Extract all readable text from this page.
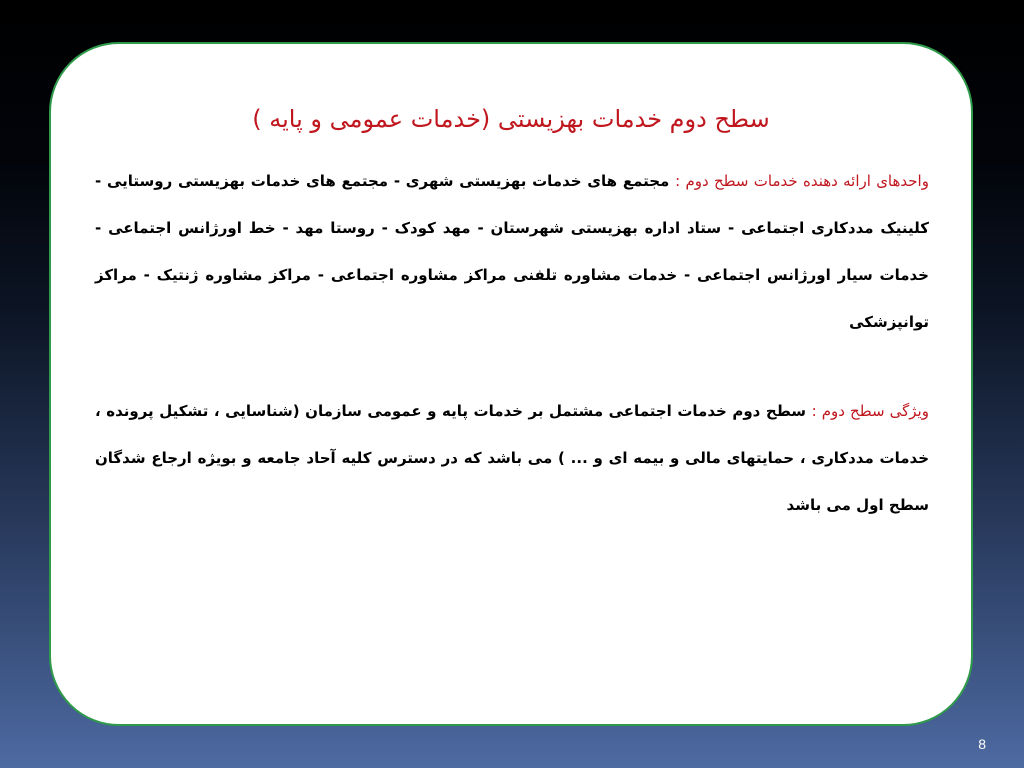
سطح دوم خدمات بهزیستی (خدمات عمومی و پایه )
واحدهای ارائه دهنده خدمات سطح دوم : مجتمع های خدمات بهزیستی شهری - مجتمع های خدمات بهزیستی روستایی - کلینیک مددکاری اجتماعی - ستاد اداره بهزیستی شهرستان - مهد کودک - روستا مهد - خط اورژانس اجتماعی - خدمات سیار اورژانس اجتماعی - خدمات مشاوره تلفنی مراکز مشاوره اجتماعی - مراکز مشاوره ژنتیک - مراکز توانپزشکی
ویژگی سطح دوم : سطح دوم خدمات اجتماعی مشتمل بر خدمات پایه و عمومی سازمان (شناسایی ، تشکیل پرونده ، خدمات مددکاری ، حمایتهای مالی و بیمه ای و ... ) می باشد که در دسترس کلیه آحاد جامعه و بویژه ارجاع شدگان سطح اول می باشد
8
